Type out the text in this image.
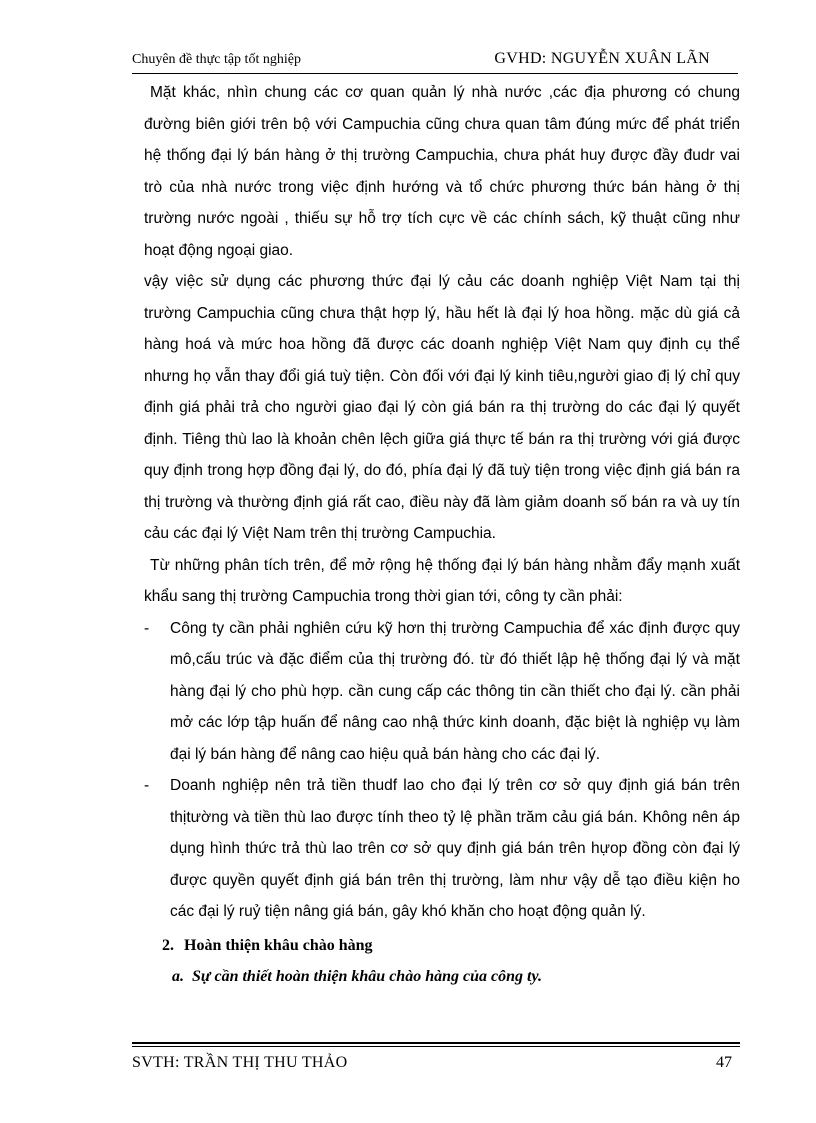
Chuyên đề thực tập tốt nghiệp	GVHD: NGUYỄN XUÂN LÃN

Mặt khác, nhìn chung các cơ quan quản lý nhà nước ,các địa phương có chung đường biên giới trên bộ với Campuchia cũng chưa quan tâm đúng mức để phát triển hệ thống đại lý bán hàng ở thị trường Campuchia, chưa phát huy được đầy đudr vai trò của nhà nước trong việc định hướng và tổ chức phương thức bán hàng ở thị trường nước ngoài , thiếu sự hỗ trợ tích cực về các chính sách, kỹ thuật cũng như hoạt động ngoại giao.

vậy việc sử dụng các phương thức đại lý cảu các doanh nghiệp Việt Nam tại thị trường Campuchia cũng chưa thật hợp lý, hầu hết là đại lý hoa hồng. mặc dù giá cả hàng hoá và mức hoa hồng đã được các doanh nghiệp Việt Nam quy định cụ thể nhưng họ vẫn thay đổi giá tuỳ tiện. Còn đối với đại lý kinh tiêu,người giao đị lý chỉ quy định giá phải trả cho người giao đại lý còn giá bán ra thị trường do các đại lý quyết định. Tiêng thù lao là khoản chên lệch giữa giá thực tế bán ra thị trường với giá được quy định trong hợp đồng đại lý, do đó, phía đại lý đã tuỳ tiện trong việc định giá bán ra thị trường và thường định giá rất cao, điều này đã làm giảm doanh số bán ra và uy tín cảu các đại lý Việt Nam trên thị trường Campuchia.

Từ những phân tích trên, để mở rộng hệ thống đại lý bán hàng nhằm đẩy mạnh xuất khẩu sang thị trường Campuchia trong thời gian tới, công ty cần phải:

- Công ty cần phải nghiên cứu kỹ hơn thị trường Campuchia để xác định được quy mô,cấu trúc và đặc điểm của thị trường đó. từ đó thiết lập hệ thống đại lý và mặt hàng đại lý cho phù hợp. cần cung cấp các thông tin cần thiết cho đại lý. cần phải mở các lớp tập huấn để nâng cao nhậ thức kinh doanh, đặc biệt là nghiệp vụ làm đại lý bán hàng để nâng cao hiệu quả bán hàng cho các đại lý.
- Doanh nghiệp nên trả tiền thudf lao cho đại lý trên cơ sở quy định giá bán trên thịtường và tiền thù lao được tính theo tỷ lệ phần trăm cảu giá bán. Không nên áp dụng hình thức trả thù lao trên cơ sở quy định giá bán trên hựop đồng còn đại lý được quyền quyết định giá bán trên thị trường, làm như vậy dễ tạo điều kiện ho các đại lý ruỷ tiện nâng giá bán, gây khó khăn cho hoạt động quản lý.

2. Hoàn thiện khâu chào hàng

a. Sự cần thiết hoàn thiện khâu chào hàng của công ty.

SVTH: TRẦN THỊ THU THẢO	47
